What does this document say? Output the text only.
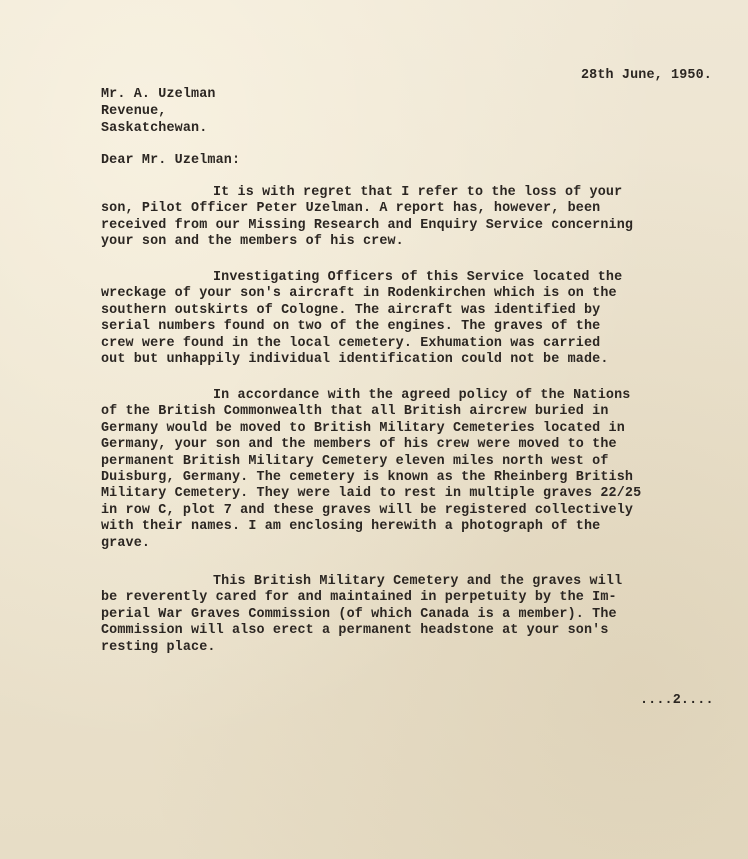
28th June, 1950.
Mr. A. Uzelman
Revenue,
Saskatchewan.
Dear Mr. Uzelman:
It is with regret that I refer to the loss of your
son, Pilot Officer Peter Uzelman. A report has, however, been
received from our Missing Research and Enquiry Service concerning
your son and the members of his crew.
Investigating Officers of this Service located the
wreckage of your son's aircraft in Rodenkirchen which is on the
southern outskirts of Cologne. The aircraft was identified by
serial numbers found on two of the engines. The graves of the
crew were found in the local cemetery. Exhumation was carried
out but unhappily individual identification could not be made.
In accordance with the agreed policy of the Nations
of the British Commonwealth that all British aircrew buried in
Germany would be moved to British Military Cemeteries located in
Germany, your son and the members of his crew were moved to the
permanent British Military Cemetery eleven miles north west of
Duisburg, Germany. The cemetery is known as the Rheinberg British
Military Cemetery. They were laid to rest in multiple graves 22/25
in row C, plot 7 and these graves will be registered collectively
with their names. I am enclosing herewith a photograph of the
grave.
This British Military Cemetery and the graves will
be reverently cared for and maintained in perpetuity by the Im-
perial War Graves Commission (of which Canada is a member). The
Commission will also erect a permanent headstone at your son's
resting place.
....2....
